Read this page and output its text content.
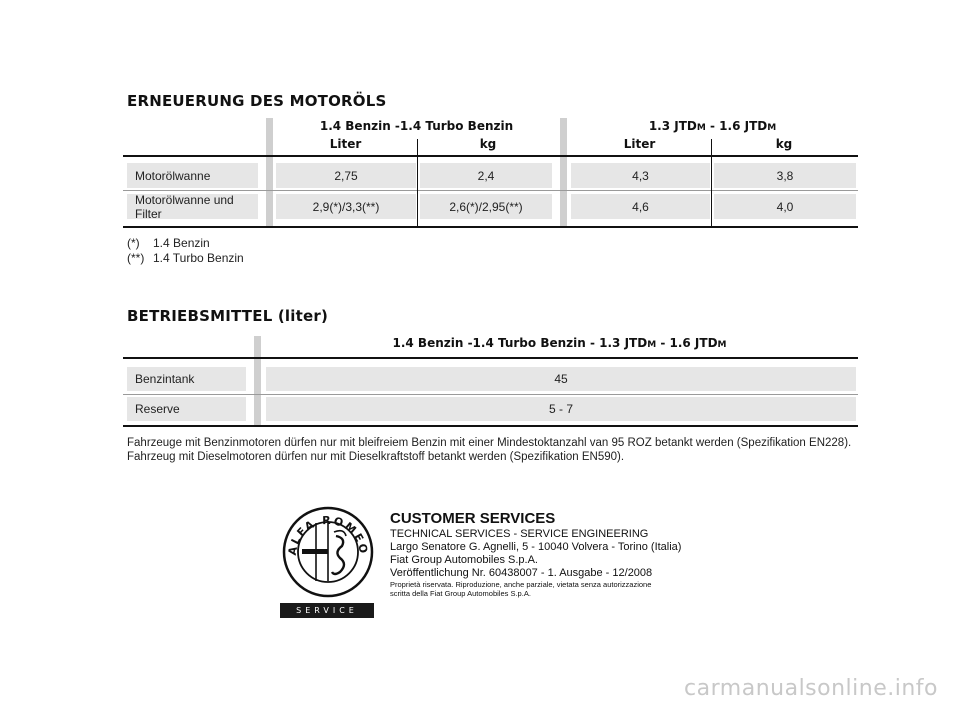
ERNEUERUNG DES MOTORÖLS
1.4 Benzin -1.4 Turbo Benzin	1.3 JTDM - 1.6 JTDM
Liter	kg	Liter	kg
Motorölwanne	2,75	2,4	4,3	3,8
Motorölwanne und Filter	2,9(*)/3,3(**)	2,6(*)/2,95(**)	4,6	4,0
(*) 1.4 Benzin
(**) 1.4 Turbo Benzin
BETRIEBSMITTEL (liter)
1.4 Benzin -1.4 Turbo Benzin - 1.3 JTDM - 1.6 JTDM
Benzintank	45
Reserve	5 - 7
Fahrzeuge mit Benzinmotoren dürfen nur mit bleifreiem Benzin mit einer Mindestoktanzahl van 95 ROZ betankt werden (Spezifikation EN228).
Fahrzeug mit Dieselmotoren dürfen nur mit Dieselkraftstoff betankt werden (Spezifikation EN590).
ALFA ROMEO
SERVICE
CUSTOMER SERVICES
TECHNICAL SERVICES - SERVICE ENGINEERING
Largo Senatore G. Agnelli, 5 - 10040 Volvera - Torino (Italia)
Fiat Group Automobiles S.p.A.
Veröffentlichung Nr. 60438007 - 1. Ausgabe - 12/2008
Proprietà riservata. Riproduzione, anche parziale, vietata senza autorizzazione
scritta della Fiat Group Automobiles S.p.A.
carmanualsonline.info
